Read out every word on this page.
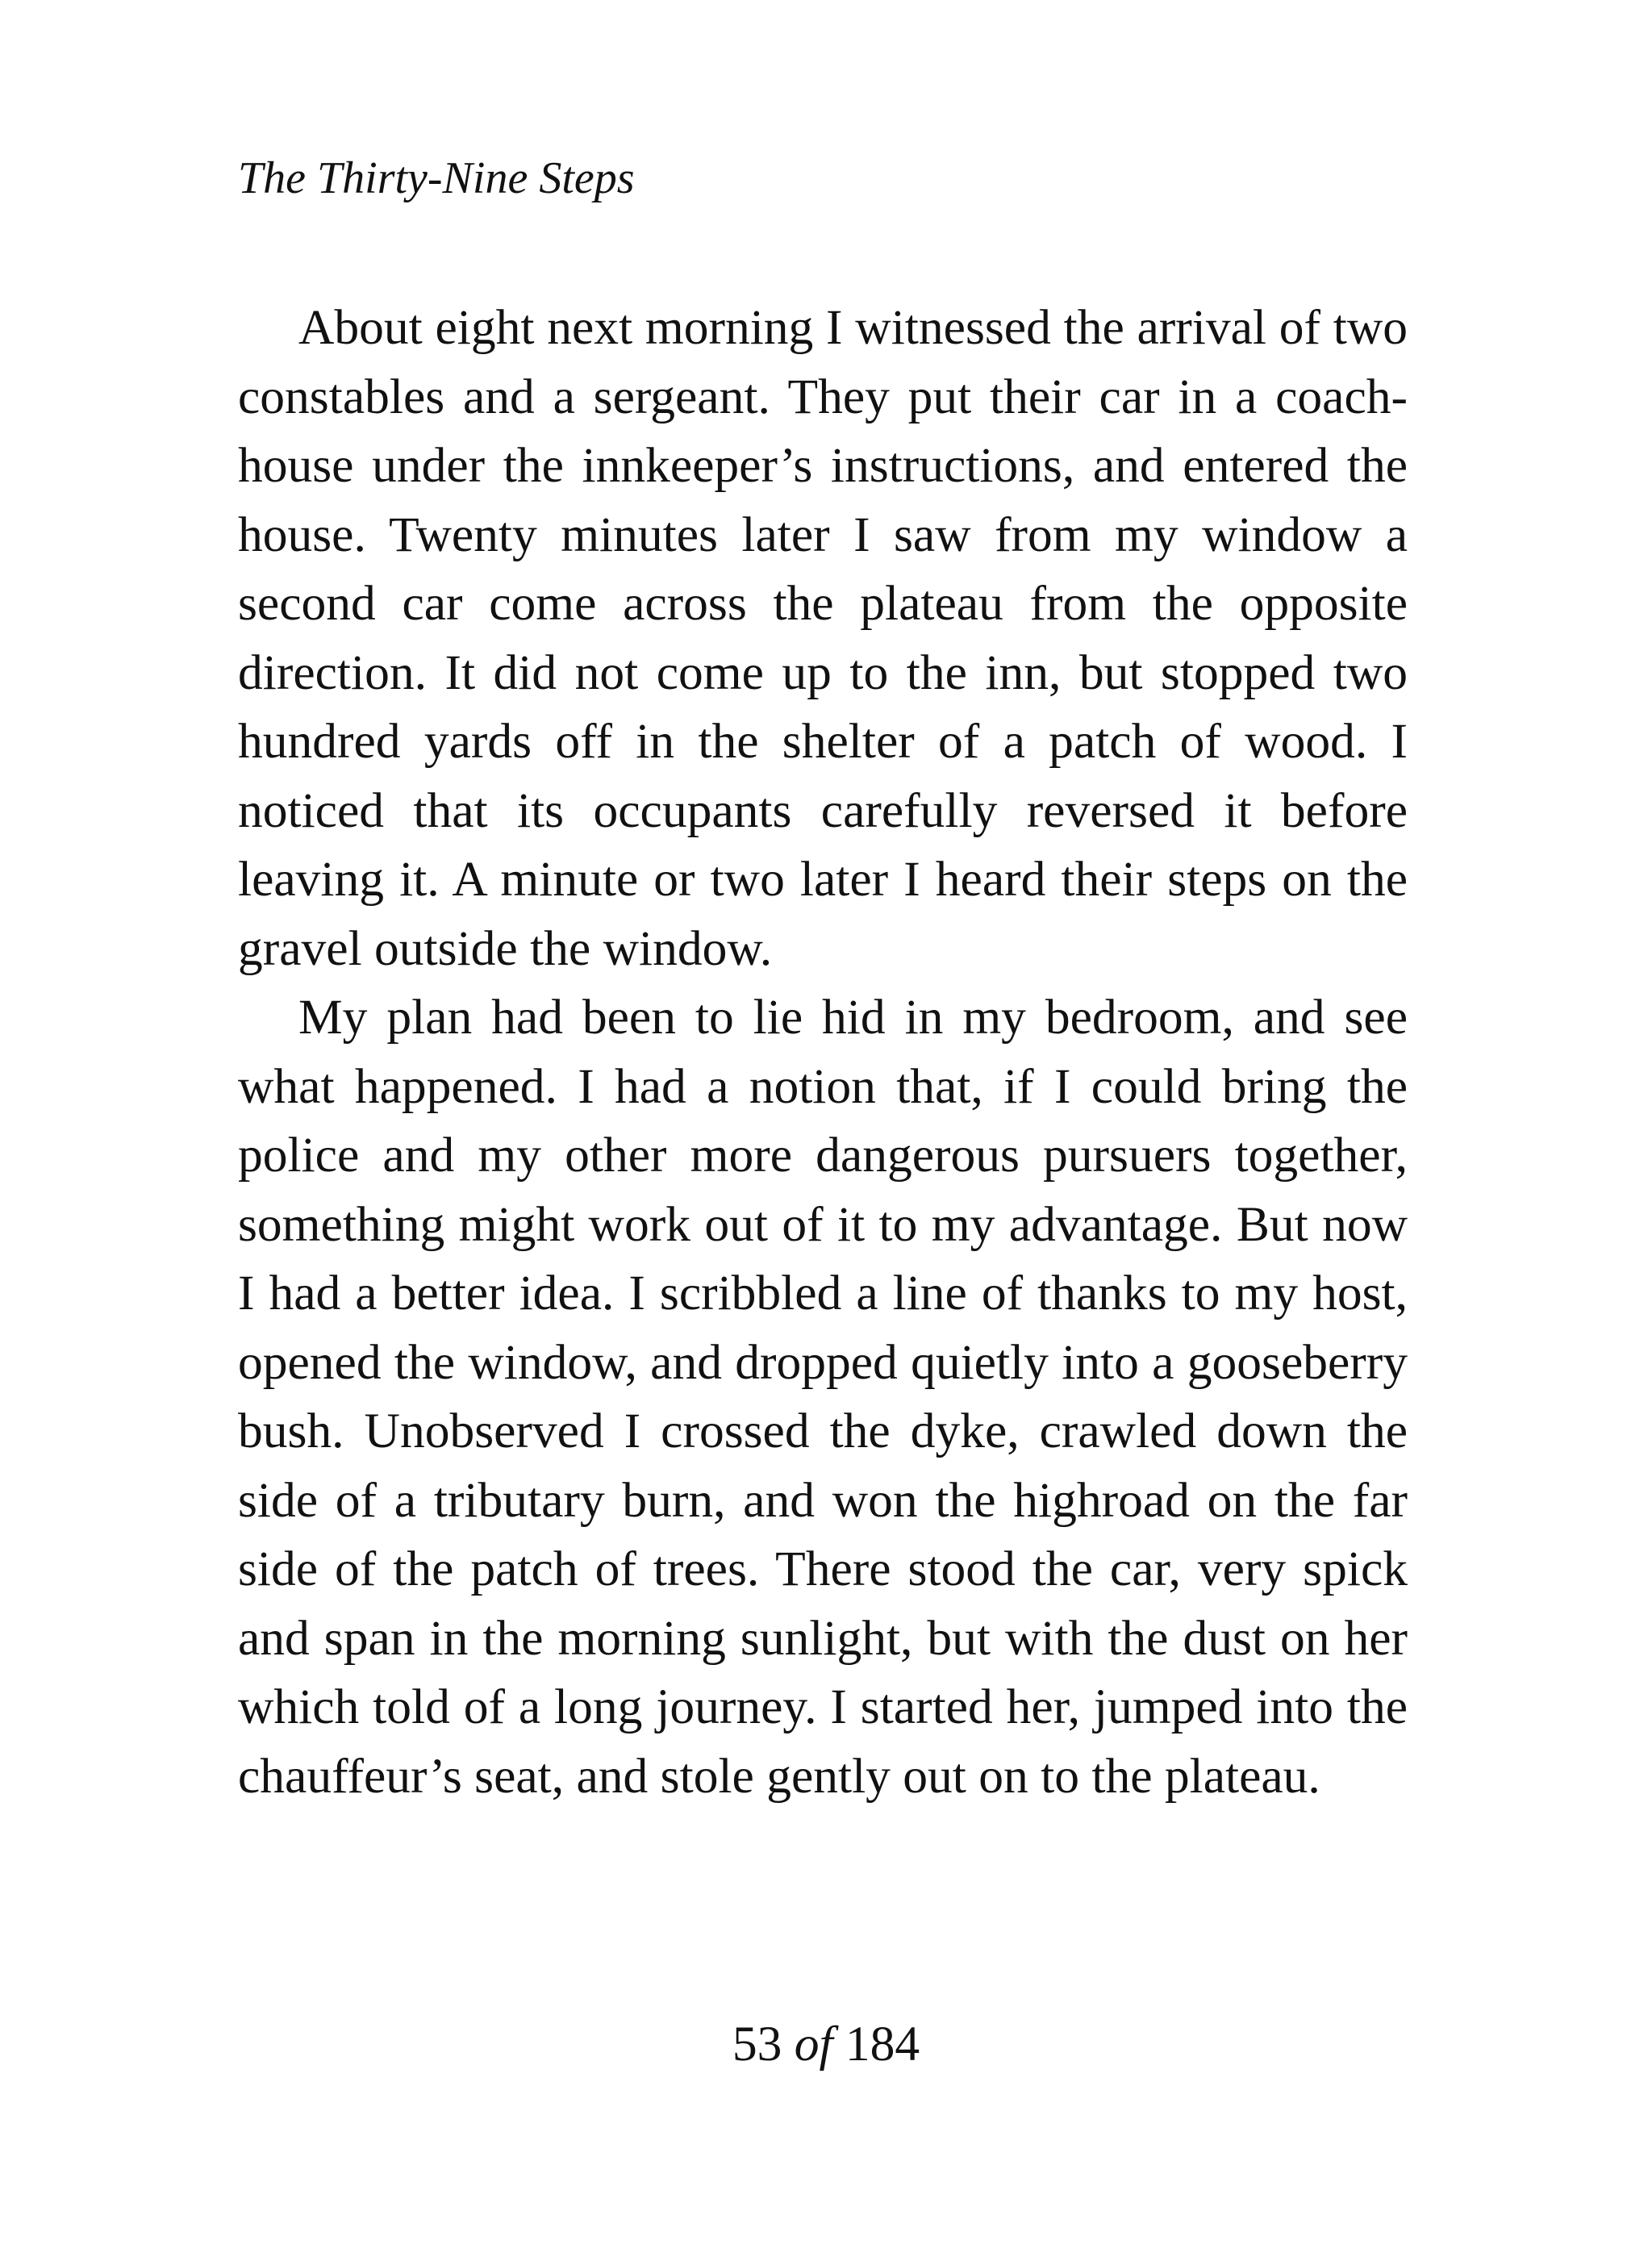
The Thirty-Nine Steps

About eight next morning I witnessed the arrival of two constables and a sergeant. They put their car in a coach-house under the innkeeper’s instructions, and entered the house. Twenty minutes later I saw from my window a second car come across the plateau from the opposite direction. It did not come up to the inn, but stopped two hundred yards off in the shelter of a patch of wood. I noticed that its occupants carefully reversed it before leaving it. A minute or two later I heard their steps on the gravel outside the window.

My plan had been to lie hid in my bedroom, and see what happened. I had a notion that, if I could bring the police and my other more dangerous pursuers together, something might work out of it to my advantage. But now I had a better idea. I scribbled a line of thanks to my host, opened the window, and dropped quietly into a gooseberry bush. Unobserved I crossed the dyke, crawled down the side of a tributary burn, and won the highroad on the far side of the patch of trees. There stood the car, very spick and span in the morning sunlight, but with the dust on her which told of a long journey. I started her, jumped into the chauffeur’s seat, and stole gently out on to the plateau.

53 of 184
